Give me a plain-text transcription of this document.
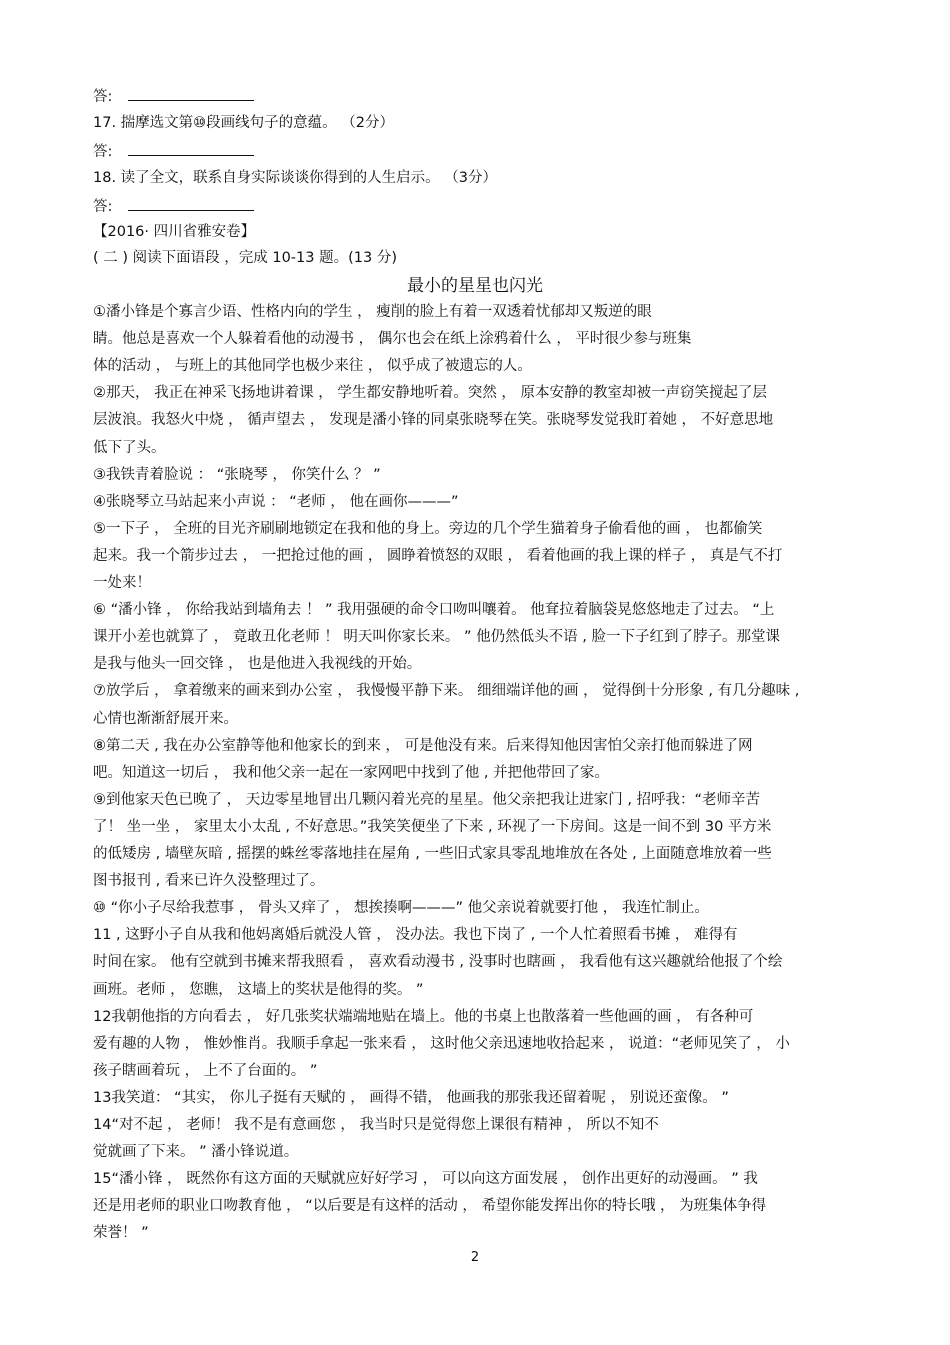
答:
17. 揣摩选文第⑩段画线句子的意蕴。 （2分）
答:
18. 读了全文，联系自身实际谈谈你得到的人生启示。 （3分）
答:
【2016· 四川省雅安卷】
( 二 ) 阅读下面语段 ，完成 10-13 题。(13 分)
最小的星星也闪光
①潘小锋是个寡言少语、性格内向的学生 ， 瘦削的脸上有着一双透着忧郁却又叛逆的眼
睛。他总是喜欢一个人躲着看他的动漫书 ， 偶尔也会在纸上涂鸦着什么 ， 平时很少参与班集
体的活动 ， 与班上的其他同学也极少来往 ， 似乎成了被遗忘的人。
②那天， 我正在神采飞扬地讲着课 ， 学生都安静地听着。突然 ， 原本安静的教室却被一声窃笑搅起了层
层波浪。我怒火中烧 ， 循声望去 ， 发现是潘小锋的同桌张晓琴在笑。张晓琴发觉我盯着她 ， 不好意思地
低下了头。
③我铁青着脸说 ： “张晓琴 ， 你笑什么 ？ ”
④张晓琴立马站起来小声说 ： “老师 ， 他在画你———”
⑤一下子 ， 全班的目光齐刷刷地锁定在我和他的身上。旁边的几个学生猫着身子偷看他的画 ， 也都偷笑
起来。我一个箭步过去 ， 一把抢过他的画 ， 圆睁着愤怒的双眼 ， 看着他画的我上课的样子 ， 真是气不打
一处来！
⑥ “潘小锋 ， 你给我站到墙角去 ！ ” 我用强硬的命令口吻叫嚷着。 他耷拉着脑袋晃悠悠地走了过去。 “上
课开小差也就算了 ， 竟敢丑化老师 ！ 明天叫你家长来。 ” 他仍然低头不语 , 脸一下子红到了脖子。那堂课
是我与他头一回交锋 ， 也是他进入我视线的开始。
⑦放学后 ， 拿着缴来的画来到办公室 ， 我慢慢平静下来。 细细端详他的画 ， 觉得倒十分形象 , 有几分趣味 ,
心情也渐渐舒展开来。
⑧第二天 , 我在办公室静等他和他家长的到来 ， 可是他没有来。后来得知他因害怕父亲打他而躲进了网
吧。知道这一切后 ， 我和他父亲一起在一家网吧中找到了他 , 并把他带回了家。
⑨到他家天色已晚了 ， 天边零星地冒出几颗闪着光亮的星星。他父亲把我让进家门 , 招呼我：“老师辛苦
了！ 坐一坐 ， 家里太小太乱 , 不好意思。”我笑笑便坐了下来 , 环视了一下房间。这是一间不到 30 平方米
的低矮房 , 墙壁灰暗 , 摇摆的蛛丝零落地挂在屋角 , 一些旧式家具零乱地堆放在各处 , 上面随意堆放着一些
图书报刊 , 看来已许久没整理过了。
⑩ “你小子尽给我惹事 ， 骨头又痒了 ， 想挨揍啊———” 他父亲说着就要打他 ， 我连忙制止。
11 , 这野小子自从我和他妈离婚后就没人管 ， 没办法。我也下岗了 , 一个人忙着照看书摊 ， 难得有
时间在家。 他有空就到书摊来帮我照看 ， 喜欢看动漫书 , 没事时也瞎画 ， 我看他有这兴趣就给他报了个绘
画班。老师 ， 您瞧， 这墙上的奖状是他得的奖。 ”
12我朝他指的方向看去 ， 好几张奖状端端地贴在墙上。他的书桌上也散落着一些他画的画 ， 有各种可
爱有趣的人物 ， 惟妙惟肖。我顺手拿起一张来看 ， 这时他父亲迅速地收拾起来 ， 说道：“老师见笑了 ， 小
孩子瞎画着玩 ， 上不了台面的。 ”
13我笑道： “其实， 你儿子挺有天赋的 ， 画得不错， 他画我的那张我还留着呢 ， 别说还蛮像。 ”
14“对不起 ， 老师！ 我不是有意画您 ， 我当时只是觉得您上课很有精神 ， 所以不知不
觉就画了下来。 ” 潘小锋说道。
15“潘小锋 ， 既然你有这方面的天赋就应好好学习 ， 可以向这方面发展 ， 创作出更好的动漫画。 ” 我
还是用老师的职业口吻教育他 ， “以后要是有这样的活动 ， 希望你能发挥出你的特长哦 ， 为班集体争得
荣誉！ ”
2
